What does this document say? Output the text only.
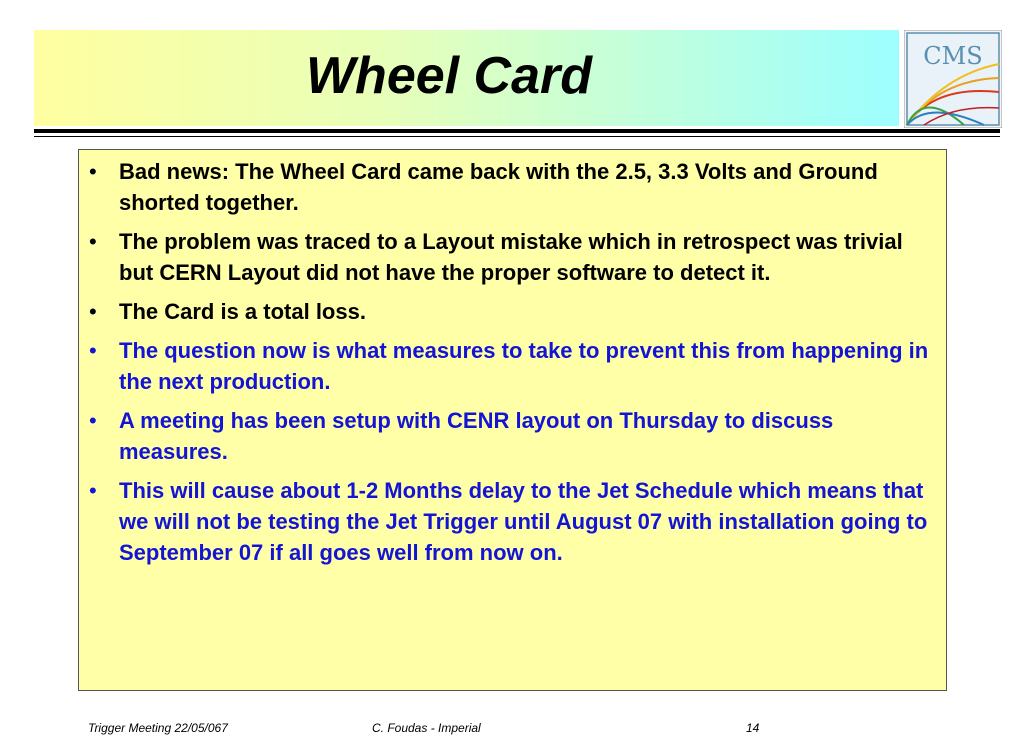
Wheel Card	CMS
• Bad news: The Wheel Card came back with the 2.5, 3.3 Volts and Ground shorted together.
• The problem was traced to a Layout mistake which in retrospect was trivial but CERN Layout did not have the proper software to detect it.
• The Card is a total loss.
• The question now is what measures to take to prevent this from happening in the next production.
• A meeting has been setup with CENR layout on Thursday to discuss measures.
• This will cause about 1-2 Months delay to the Jet Schedule which means that we will not be testing the Jet Trigger until August 07 with installation going to September 07 if all goes well from now on.
Trigger Meeting 22/05/067	C. Foudas - Imperial	14
